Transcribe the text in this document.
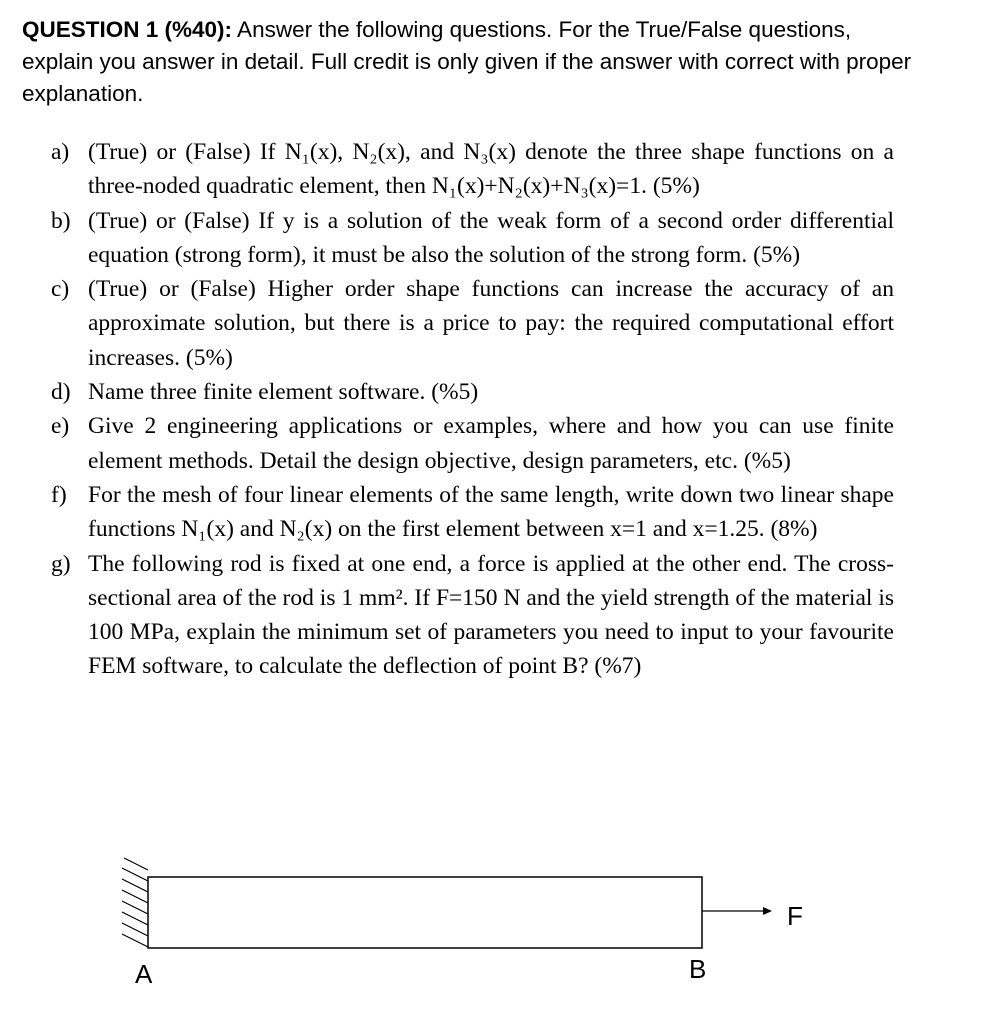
QUESTION 1 (%40): Answer the following questions. For the True/False questions, explain you answer in detail. Full credit is only given if the answer with correct with proper explanation.
a) (True) or (False) If N₁(x), N₂(x), and N₃(x) denote the three shape functions on a three-noded quadratic element, then N₁(x)+N₂(x)+N₃(x)=1. (5%)
b) (True) or (False) If y is a solution of the weak form of a second order differential equation (strong form), it must be also the solution of the strong form. (5%)
c) (True) or (False) Higher order shape functions can increase the accuracy of an approximate solution, but there is a price to pay: the required computational effort increases. (5%)
d) Name three finite element software. (%5)
e) Give 2 engineering applications or examples, where and how you can use finite element methods. Detail the design objective, design parameters, etc. (%5)
f) For the mesh of four linear elements of the same length, write down two linear shape functions N₁(x) and N₂(x) on the first element between x=1 and x=1.25. (8%)
g) The following rod is fixed at one end, a force is applied at the other end. The cross-sectional area of the rod is 1 mm². If F=150 N and the yield strength of the material is 100 MPa, explain the minimum set of parameters you need to input to your favourite FEM software, to calculate the deflection of point B? (%7)
A	B
F
